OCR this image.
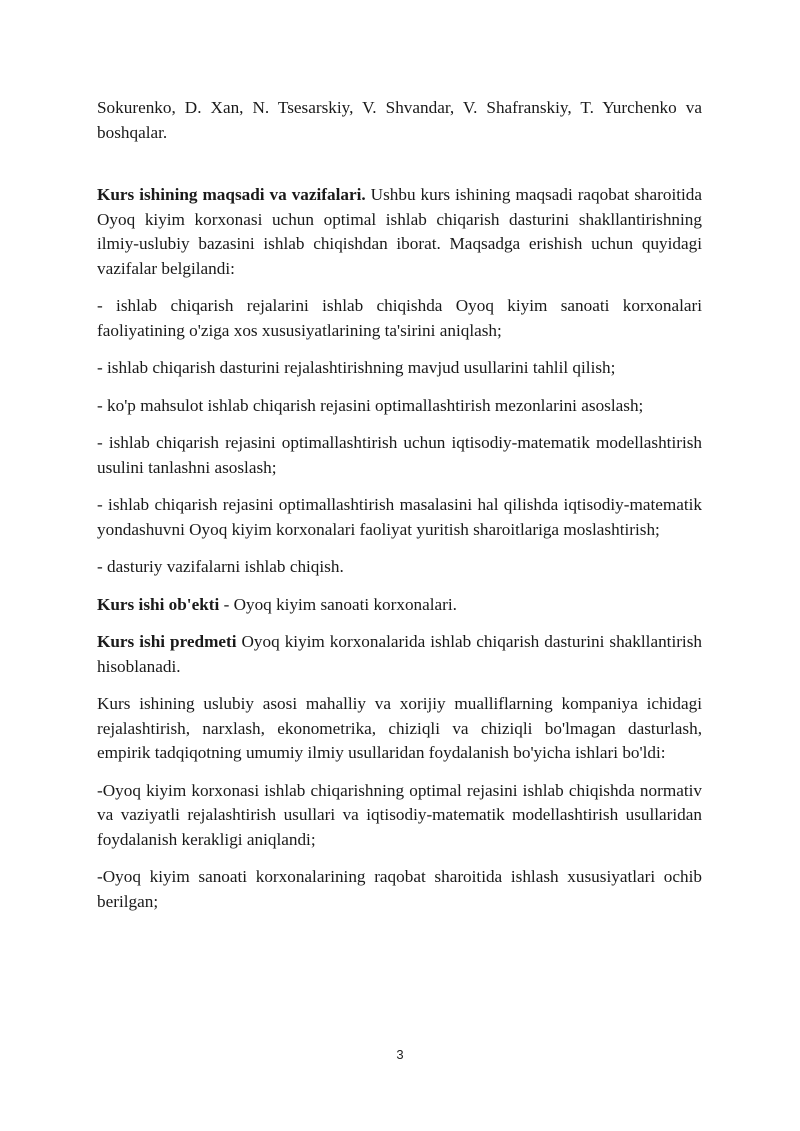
Sokurenko, D. Xan, N. Tsesarskiy, V. Shvandar, V. Shafranskiy, T. Yurchenko va boshqalar.

Kurs ishining maqsadi va vazifalari. Ushbu kurs ishining maqsadi raqobat sharoitida Oyoq kiyim korxonasi uchun optimal ishlab chiqarish dasturini shakllantirishning ilmiy-uslubiy bazasini ishlab chiqishdan iborat. Maqsadga erishish uchun quyidagi vazifalar belgilandi:

- ishlab chiqarish rejalarini ishlab chiqishda Oyoq kiyim sanoati korxonalari faoliyatining o'ziga xos xususiyatlarining ta'sirini aniqlash;

- ishlab chiqarish dasturini rejalashtirishning mavjud usullarini tahlil qilish;

- ko'p mahsulot ishlab chiqarish rejasini optimallashtirish mezonlarini asoslash;

- ishlab chiqarish rejasini optimallashtirish uchun iqtisodiy-matematik modellashtirish usulini tanlashni asoslash;

- ishlab chiqarish rejasini optimallashtirish masalasini hal qilishda iqtisodiy-matematik yondashuvni Oyoq kiyim korxonalari faoliyat yuritish sharoitlariga moslashtirish;

- dasturiy vazifalarni ishlab chiqish.

Kurs ishi ob'ekti - Oyoq kiyim sanoati korxonalari.

Kurs ishi predmeti Oyoq kiyim korxonalarida ishlab chiqarish dasturini shakllantirish hisoblanadi.

Kurs ishining uslubiy asosi mahalliy va xorijiy mualliflarning kompaniya ichidagi rejalashtirish, narxlash, ekonometrika, chiziqli va chiziqli bo'lmagan dasturlash, empirik tadqiqotning umumiy ilmiy usullaridan foydalanish bo'yicha ishlari bo'ldi:

-Oyoq kiyim korxonasi ishlab chiqarishning optimal rejasini ishlab chiqishda normativ va vaziyatli rejalashtirish usullari va iqtisodiy-matematik modellashtirish usullaridan foydalanish kerakligi aniqlandi;

-Oyoq kiyim sanoati korxonalarining raqobat sharoitida ishlash xususiyatlari ochib berilgan;

3
